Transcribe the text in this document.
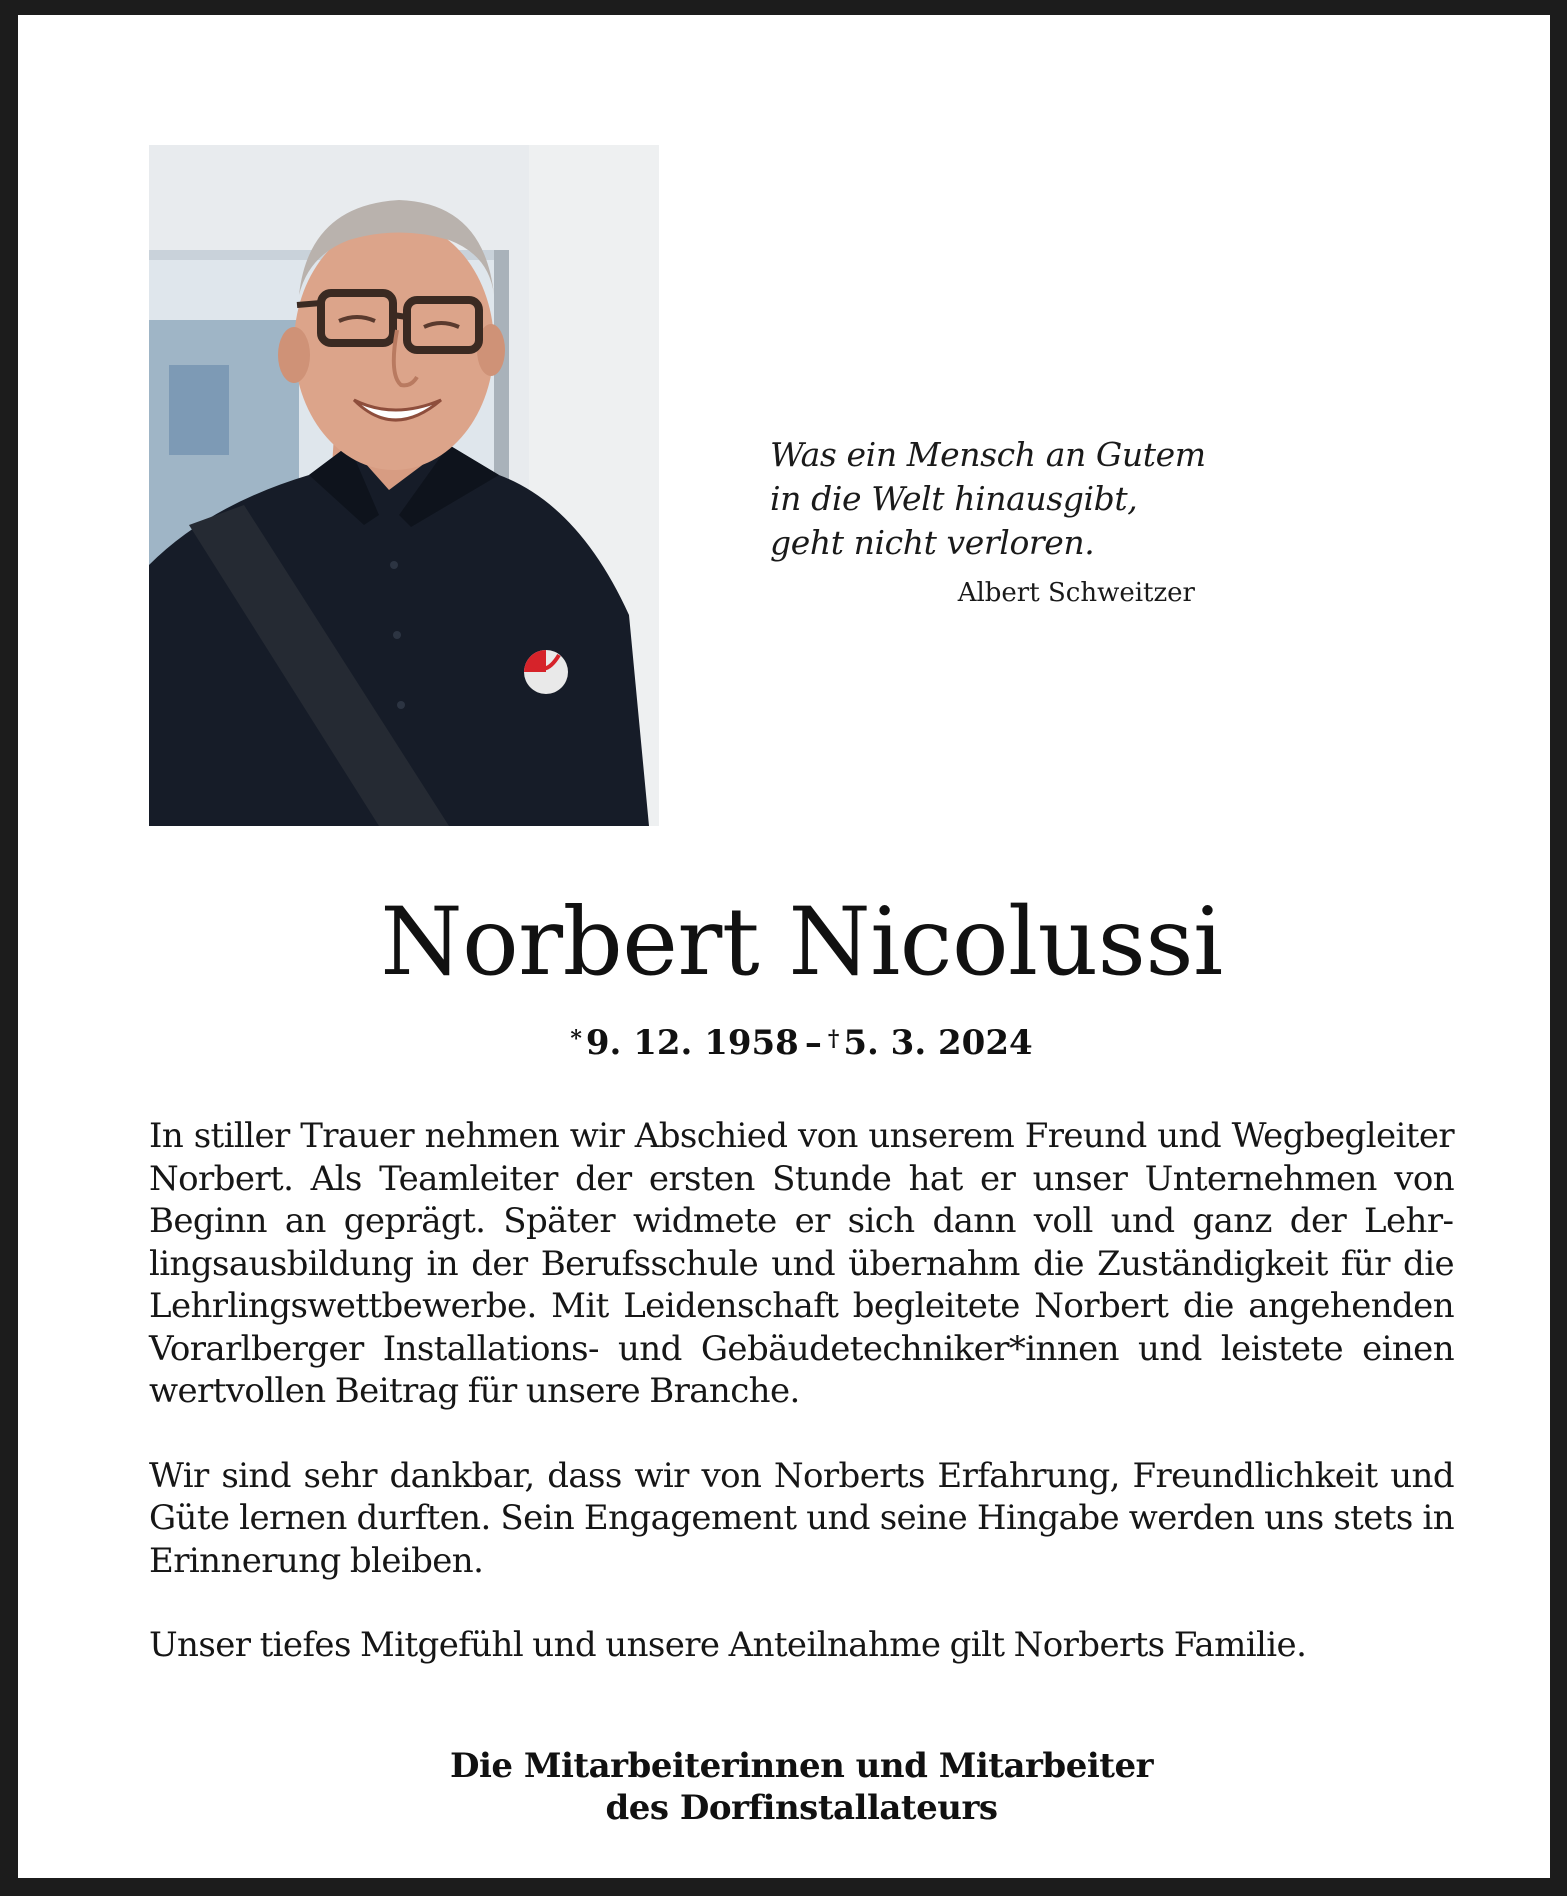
Was ein Mensch an Gutem
in die Welt hinausgibt,
geht nicht verloren.
Albert Schweitzer
Norbert Nicolussi
* 9. 12. 1958 – † 5. 3. 2024

In stiller Trauer nehmen wir Abschied von unserem Freund und Wegbegleiter Norbert. Als Teamleiter der ersten Stunde hat er unser Unternehmen von Beginn an geprägt. Später widmete er sich dann voll und ganz der Lehrlingsausbildung in der Berufsschule und übernahm die Zuständigkeit für die Lehrlingswettbewerbe. Mit Leidenschaft begleitete Norbert die angehenden Vorarlberger Installations- und Gebäudetechniker*innen und leistete einen wertvollen Beitrag für unsere Branche.

Wir sind sehr dankbar, dass wir von Norberts Erfahrung, Freundlichkeit und Güte lernen durften. Sein Engagement und seine Hingabe werden uns stets in Erinnerung bleiben.

Unser tiefes Mitgefühl und unsere Anteilnahme gilt Norberts Familie.

Die Mitarbeiterinnen und Mitarbeiter
des Dorfinstallateurs
